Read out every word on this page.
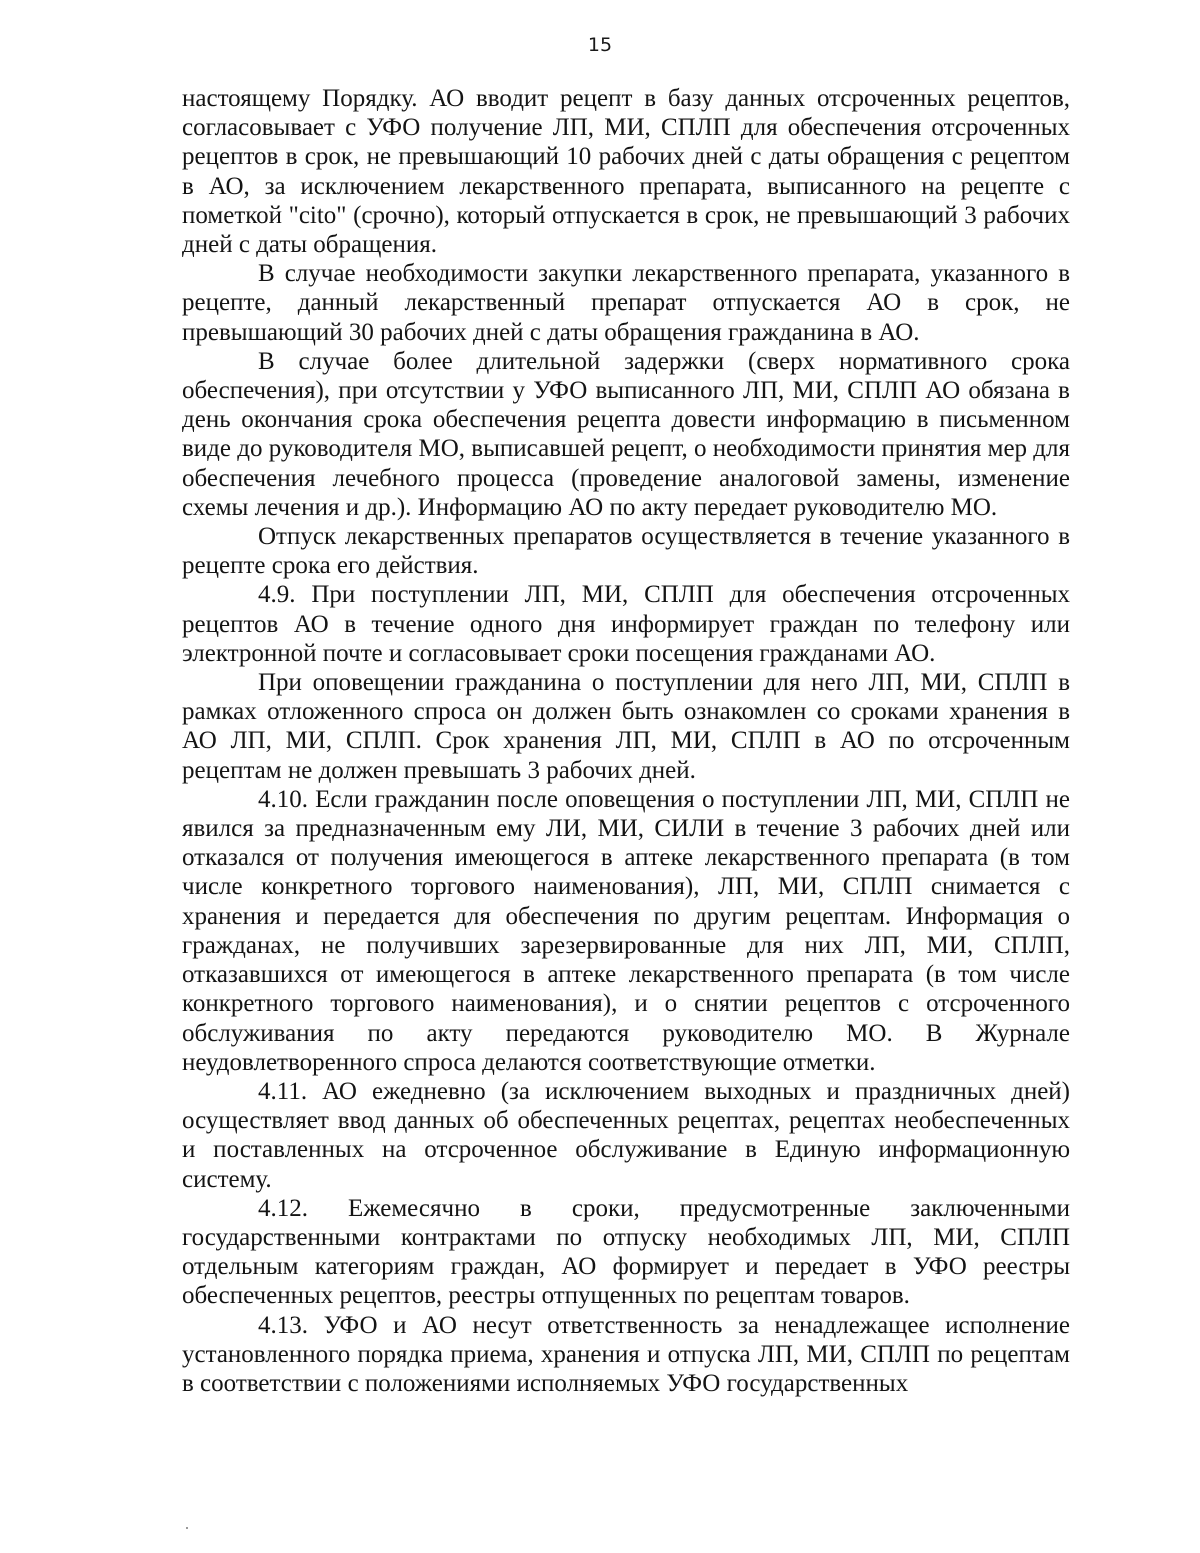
15

настоящему Порядку. АО вводит рецепт в базу данных отсроченных рецептов, согласовывает с УФО получение ЛП, МИ, СПЛП для обеспечения отсроченных рецептов в срок, не превышающий 10 рабочих дней с даты обращения с рецептом в АО, за исключением лекарственного препарата, выписанного на рецепте с пометкой "cito" (срочно), который отпускается в срок, не превышающий 3 рабочих дней с даты обращения.

В случае необходимости закупки лекарственного препарата, указанного в рецепте, данный лекарственный препарат отпускается АО в срок, не превышающий 30 рабочих дней с даты обращения гражданина в АО.

В случае более длительной задержки (сверх нормативного срока обеспечения), при отсутствии у УФО выписанного ЛП, МИ, СПЛП АО обязана в день окончания срока обеспечения рецепта довести информацию в письменном виде до руководителя МО, выписавшей рецепт, о необходимости принятия мер для обеспечения лечебного процесса (проведение аналоговой замены, изменение схемы лечения и др.). Информацию АО по акту передает руководителю МО.

Отпуск лекарственных препаратов осуществляется в течение указанного в рецепте срока его действия.

4.9. При поступлении ЛП, МИ, СПЛП для обеспечения отсроченных рецептов АО в течение одного дня информирует граждан по телефону или электронной почте и согласовывает сроки посещения гражданами АО.

При оповещении гражданина о поступлении для него ЛП, МИ, СПЛП в рамках отложенного спроса он должен быть ознакомлен со сроками хранения в АО ЛП, МИ, СПЛП. Срок хранения ЛП, МИ, СПЛП в АО по отсроченным рецептам не должен превышать 3 рабочих дней.

4.10. Если гражданин после оповещения о поступлении ЛП, МИ, СПЛП не явился за предназначенным ему ЛИ, МИ, СИЛИ в течение 3 рабочих дней или отказался от получения имеющегося в аптеке лекарственного препарата (в том числе конкретного торгового наименования), ЛП, МИ, СПЛП снимается с хранения и передается для обеспечения по другим рецептам. Информация о гражданах, не получивших зарезервированные для них ЛП, МИ, СПЛП, отказавшихся от имеющегося в аптеке лекарственного препарата (в том числе конкретного торгового наименования), и о снятии рецептов с отсроченного обслуживания по акту передаются руководителю МО. В Журнале неудовлетворенного спроса делаются соответствующие отметки.

4.11. АО ежедневно (за исключением выходных и праздничных дней) осуществляет ввод данных об обеспеченных рецептах, рецептах необеспеченных и поставленных на отсроченное обслуживание в Единую информационную систему.

4.12. Ежемесячно в сроки, предусмотренные заключенными государственными контрактами по отпуску необходимых ЛП, МИ, СПЛП отдельным категориям граждан, АО формирует и передает в УФО реестры обеспеченных рецептов, реестры отпущенных по рецептам товаров.

4.13. УФО и АО несут ответственность за ненадлежащее исполнение установленного порядка приема, хранения и отпуска ЛП, МИ, СПЛП по рецептам в соответствии с положениями исполняемых УФО государственных
